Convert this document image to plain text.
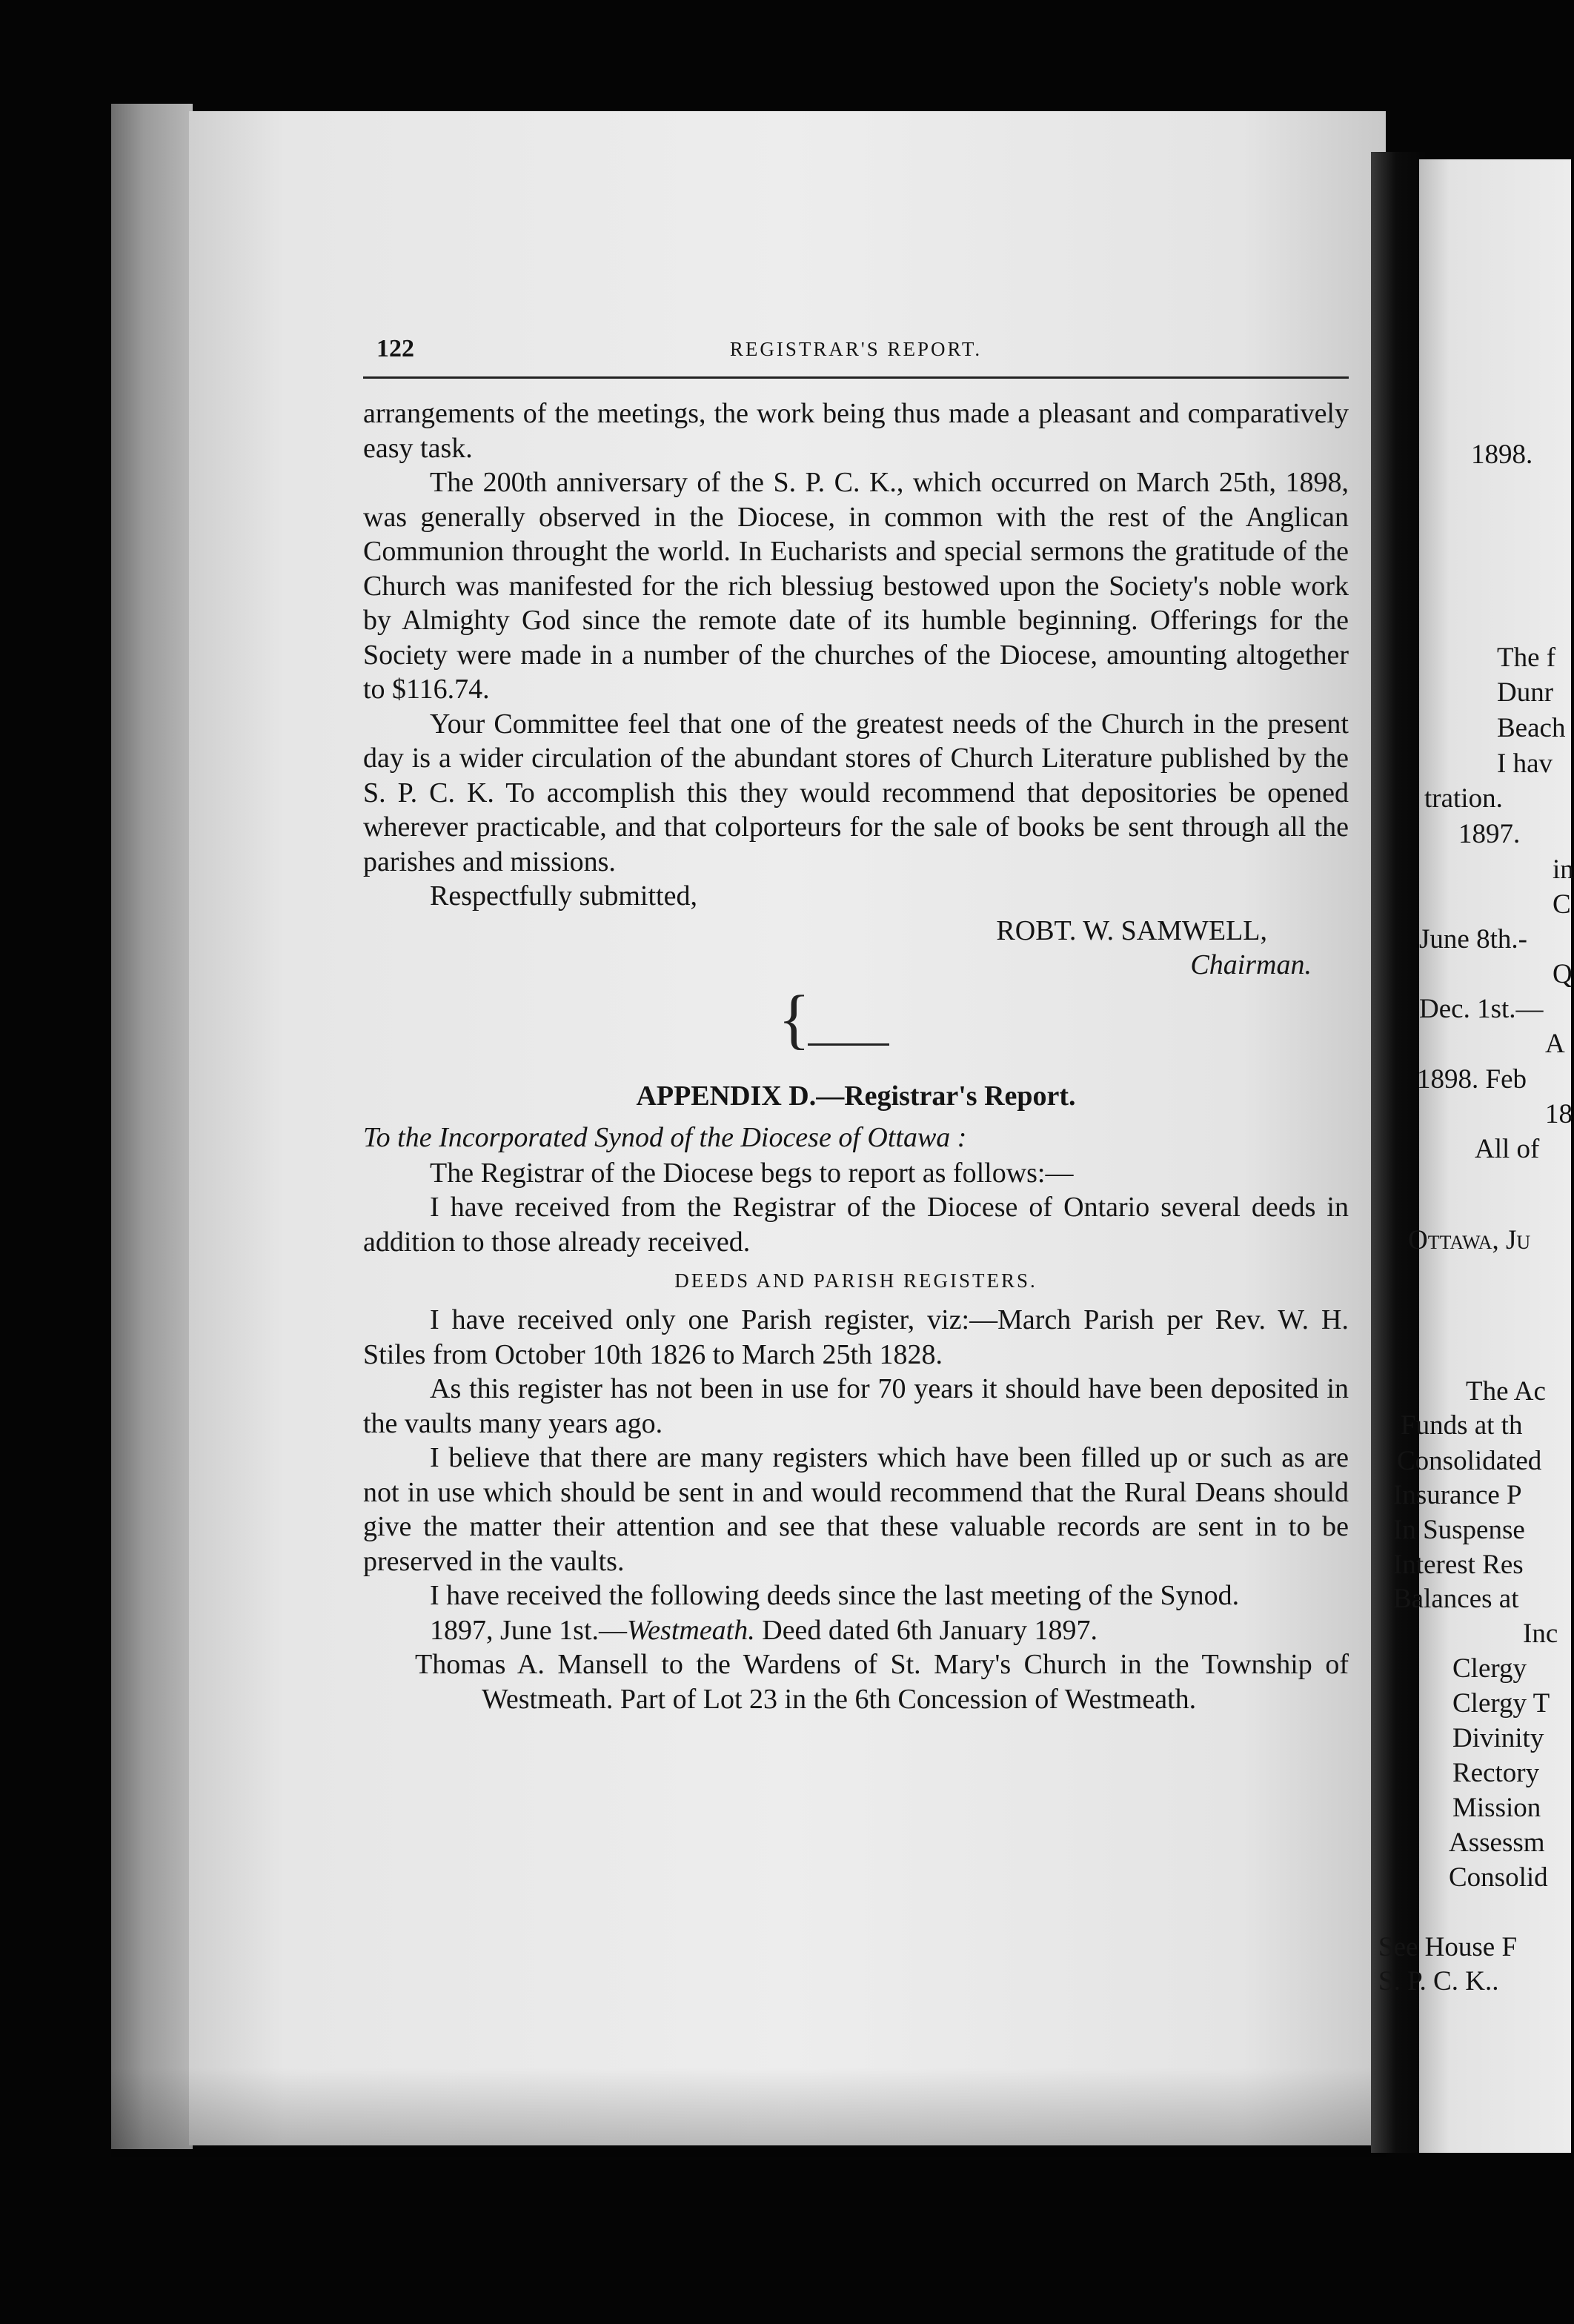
122	REGISTRAR'S REPORT.

arrangements of the meetings, the work being thus made a pleasant and comparatively easy task.

The 200th anniversary of the S. P. C. K., which occurred on March 25th, 1898, was generally observed in the Diocese, in common with the rest of the Anglican Communion throught the world. In Eucharists and special sermons the gratitude of the Church was manifested for the rich blessiug bestowed upon the Society's noble work by Almighty God since the remote date of its humble beginning. Offerings for the Society were made in a number of the churches of the Diocese, amounting altogether to $116.74.

Your Committee feel that one of the greatest needs of the Church in the present day is a wider circulation of the abundant stores of Church Literature published by the S. P. C. K. To accomplish this they would recommend that depositories be opened wherever practicable, and that colporteurs for the sale of books be sent through all the parishes and missions.

Respectfully submitted,

ROBT. W. SAMWELL,
Chairman.
{
APPENDIX D.—Registrar's Report.
To the Incorporated Synod of the Diocese of Ottawa :

The Registrar of the Diocese begs to report as follows:—

I have received from the Registrar of the Diocese of Ontario several deeds in addition to those already received.

DEEDS AND PARISH REGISTERS.

I have received only one Parish register, viz:—March Parish per Rev. W. H. Stiles from October 10th 1826 to March 25th 1828.

As this register has not been in use for 70 years it should have been deposited in the vaults many years ago.

I believe that there are many registers which have been filled up or such as are not in use which should be sent in and would recommend that the Rural Deans should give the matter their attention and see that these valuable records are sent in to be preserved in the vaults.

I have received the following deeds since the last meeting of the Synod.

1897, June 1st.—Westmeath. Deed dated 6th January 1897.

Thomas A. Mansell to the Wardens of St. Mary's Church in the Township of Westmeath. Part of Lot 23 in the 6th Concession of Westmeath.

1898.
The f
Dunr
Beach
I hav
tration.
1897.
in
C
June 8th.-
Q
Dec. 1st.—
A
1898. Feb
18
All of
Ottawa, Ju
The Ac
Funds at th
Consolidated
Insurance P
In Suspense
Interest Res
Balances at
Inc
Clergy
Clergy T
Divinity
Rectory
Mission
Assessm
Consolid
See House F
S. P. C. K..
